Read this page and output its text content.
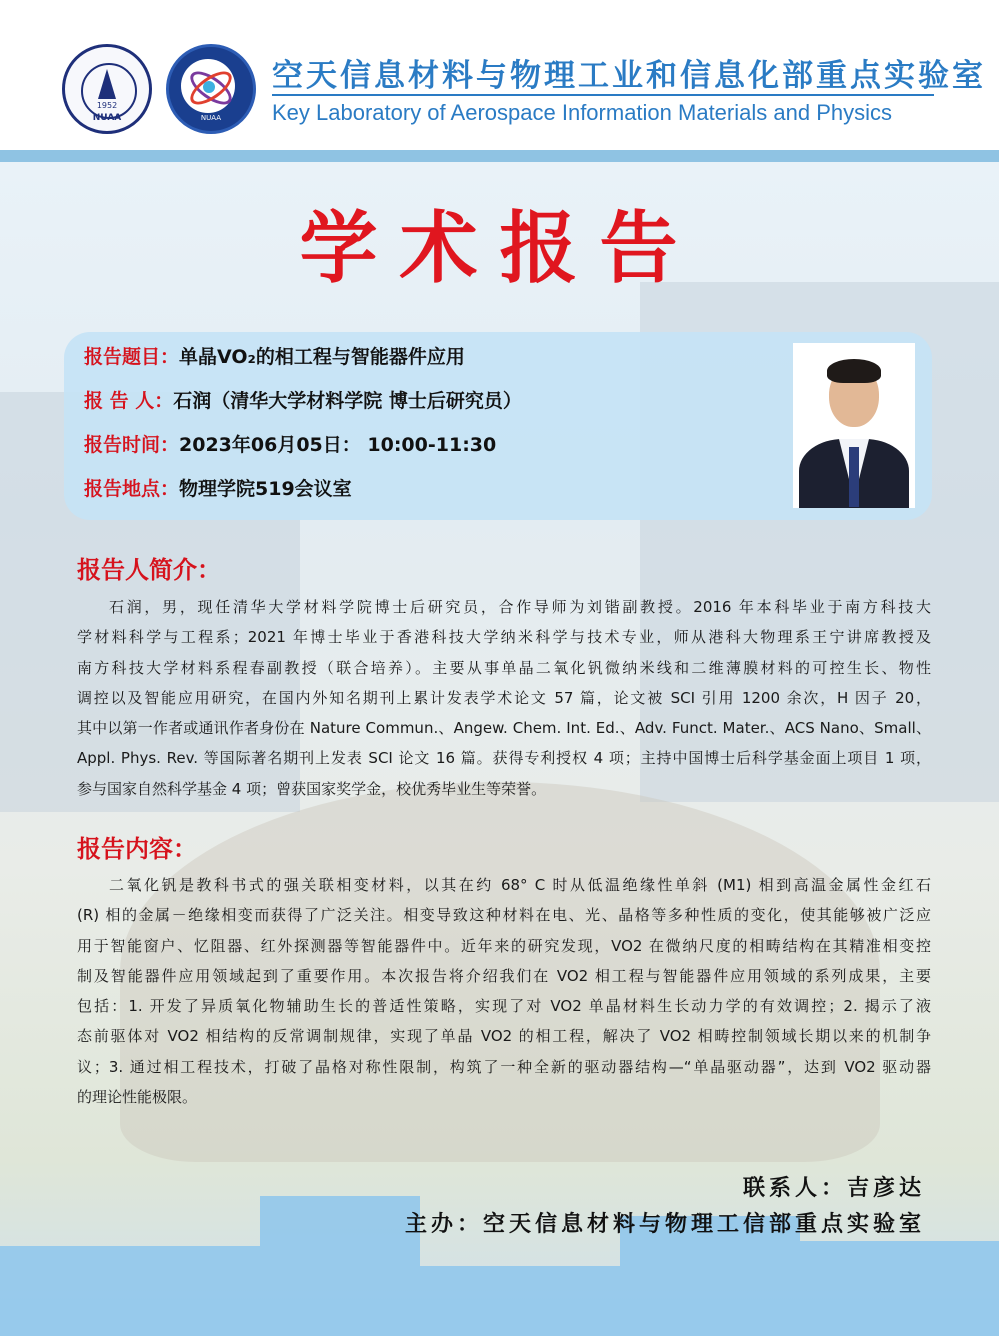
1952
NUAA	NUAA
空天信息材料与物理工业和信息化部重点实验室
Key Laboratory of Aerospace Information Materials and Physics
学术报告
报告题目：单晶VO₂的相工程与智能器件应用
报 告 人：石润（清华大学材料学院 博士后研究员）
报告时间：2023年06月05日： 10:00-11:30
报告地点：物理学院519会议室
报告人简介：
石润，男，现任清华大学材料学院博士后研究员，合作导师为刘锴副教授。2016 年本科毕业于南方科技大
学材料科学与工程系；2021 年博士毕业于香港科技大学纳米科学与技术专业，师从港科大物理系王宁讲席教授及
南方科技大学材料系程春副教授（联合培养）。主要从事单晶二氧化钒微纳米线和二维薄膜材料的可控生长、物性
调控以及智能应用研究，在国内外知名期刊上累计发表学术论文 57 篇，论文被 SCI 引用 1200 余次，H 因子 20，
其中以第一作者或通讯作者身份在 Nature Commun.、Angew. Chem. Int. Ed.、Adv. Funct. Mater.、ACS Nano、Small、
Appl. Phys. Rev. 等国际著名期刊上发表 SCI 论文 16 篇。获得专利授权 4 项；主持中国博士后科学基金面上项目 1 项，
参与国家自然科学基金 4 项；曾获国家奖学金，校优秀毕业生等荣誉。
报告内容：
二氧化钒是教科书式的强关联相变材料，以其在约 68° C 时从低温绝缘性单斜 (M1) 相到高温金属性金红石
(R) 相的金属－绝缘相变而获得了广泛关注。相变导致这种材料在电、光、晶格等多种性质的变化，使其能够被广泛应
用于智能窗户、忆阻器、红外探测器等智能器件中。近年来的研究发现，VO2 在微纳尺度的相畴结构在其精准相变控
制及智能器件应用领域起到了重要作用。本次报告将介绍我们在 VO2 相工程与智能器件应用领域的系列成果，主要
包括：1. 开发了异质氧化物辅助生长的普适性策略，实现了对 VO2 单晶材料生长动力学的有效调控；2. 揭示了液
态前驱体对 VO2 相结构的反常调制规律，实现了单晶 VO2 的相工程，解决了 VO2 相畴控制领域长期以来的机制争
议；3. 通过相工程技术，打破了晶格对称性限制，构筑了一种全新的驱动器结构—“单晶驱动器”，达到 VO2 驱动器
的理论性能极限。
联系人：吉彦达
主办：空天信息材料与物理工信部重点实验室
